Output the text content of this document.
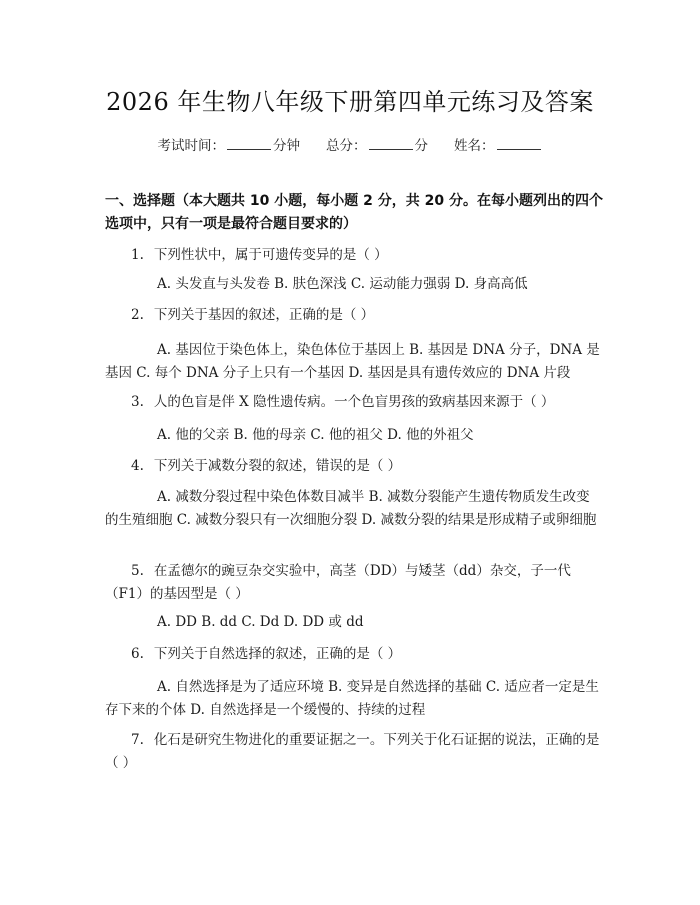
2026 年生物八年级下册第四单元练习及答案
考试时间：	分钟 总分：	分 姓名：
一、选择题（本大题共 10 小题，每小题 2 分，共 20 分。在每小题列出的四个选项中，只有一项是最符合题目要求的）
1. 下列性状中，属于可遗传变异的是（ ）
A. 头发直与头发卷 B. 肤色深浅 C. 运动能力强弱 D. 身高高低
2. 下列关于基因的叙述，正确的是（ ）
A. 基因位于染色体上，染色体位于基因上 B. 基因是 DNA 分子，DNA 是基因 C. 每个 DNA 分子上只有一个基因 D. 基因是具有遗传效应的 DNA 片段
3. 人的色盲是伴 X 隐性遗传病。一个色盲男孩的致病基因来源于（ ）
A. 他的父亲 B. 他的母亲 C. 他的祖父 D. 他的外祖父
4. 下列关于减数分裂的叙述，错误的是（ ）
A. 减数分裂过程中染色体数目减半 B. 减数分裂能产生遗传物质发生改变的生殖细胞 C. 减数分裂只有一次细胞分裂 D. 减数分裂的结果是形成精子或卵细胞
5. 在孟德尔的豌豆杂交实验中，高茎（DD）与矮茎（dd）杂交，子一代（F1）的基因型是（ ）
A. DD B. dd C. Dd D. DD 或 dd
6. 下列关于自然选择的叙述，正确的是（ ）
A. 自然选择是为了适应环境 B. 变异是自然选择的基础 C. 适应者一定是生存下来的个体 D. 自然选择是一个缓慢的、持续的过程
7. 化石是研究生物进化的重要证据之一。下列关于化石证据的说法，正确的是（ ）
